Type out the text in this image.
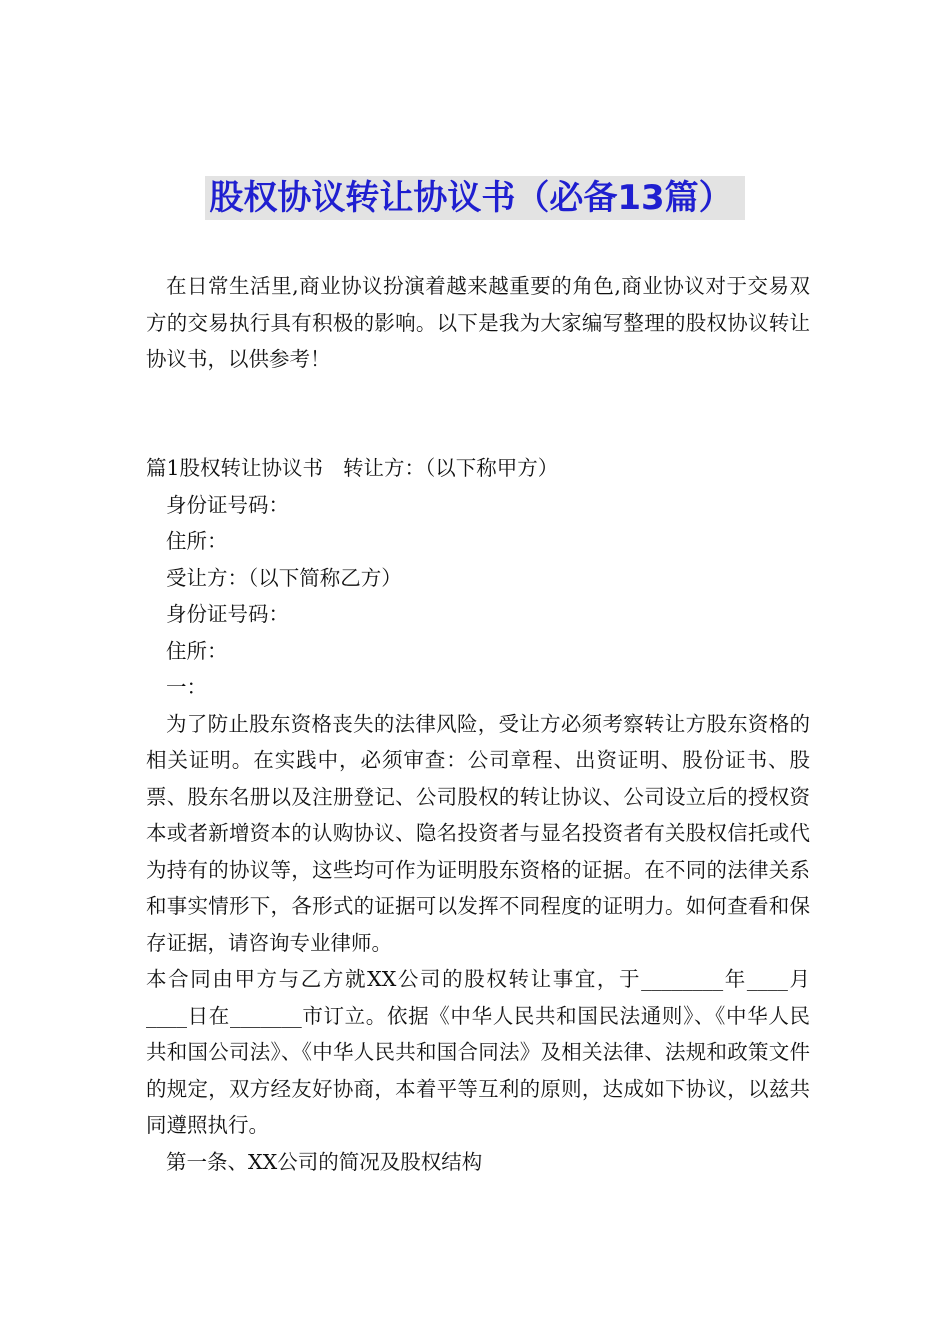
股权协议转让协议书（必备13篇）

在日常生活里,商业协议扮演着越来越重要的角色,商业协议对于交易双方的交易执行具有积极的影响。以下是我为大家编写整理的股权协议转让协议书，以供参考！

篇1股权转让协议书 转让方：（以下称甲方）

身份证号码：

住所：

受让方：（以下简称乙方）

身份证号码：

住所：

一：

为了防止股东资格丧失的法律风险，受让方必须考察转让方股东资格的相关证明。在实践中，必须审查：公司章程、出资证明、股份证书、股票、股东名册以及注册登记、公司股权的转让协议、公司设立后的授权资本或者新增资本的认购协议、隐名投资者与显名投资者有关股权信托或代为持有的协议等，这些均可作为证明股东资格的证据。在不同的法律关系和事实情形下，各形式的证据可以发挥不同程度的证明力。如何查看和保存证据，请咨询专业律师。

本合同由甲方与乙方就XX公司的股权转让事宜，于________年____月____日在_______市订立。依据《中华人民共和国民法通则》、《中华人民共和国公司法》、《中华人民共和国合同法》及相关法律、法规和政策文件的规定，双方经友好协商，本着平等互利的原则，达成如下协议，以兹共同遵照执行。

第一条、XX公司的简况及股权结构
